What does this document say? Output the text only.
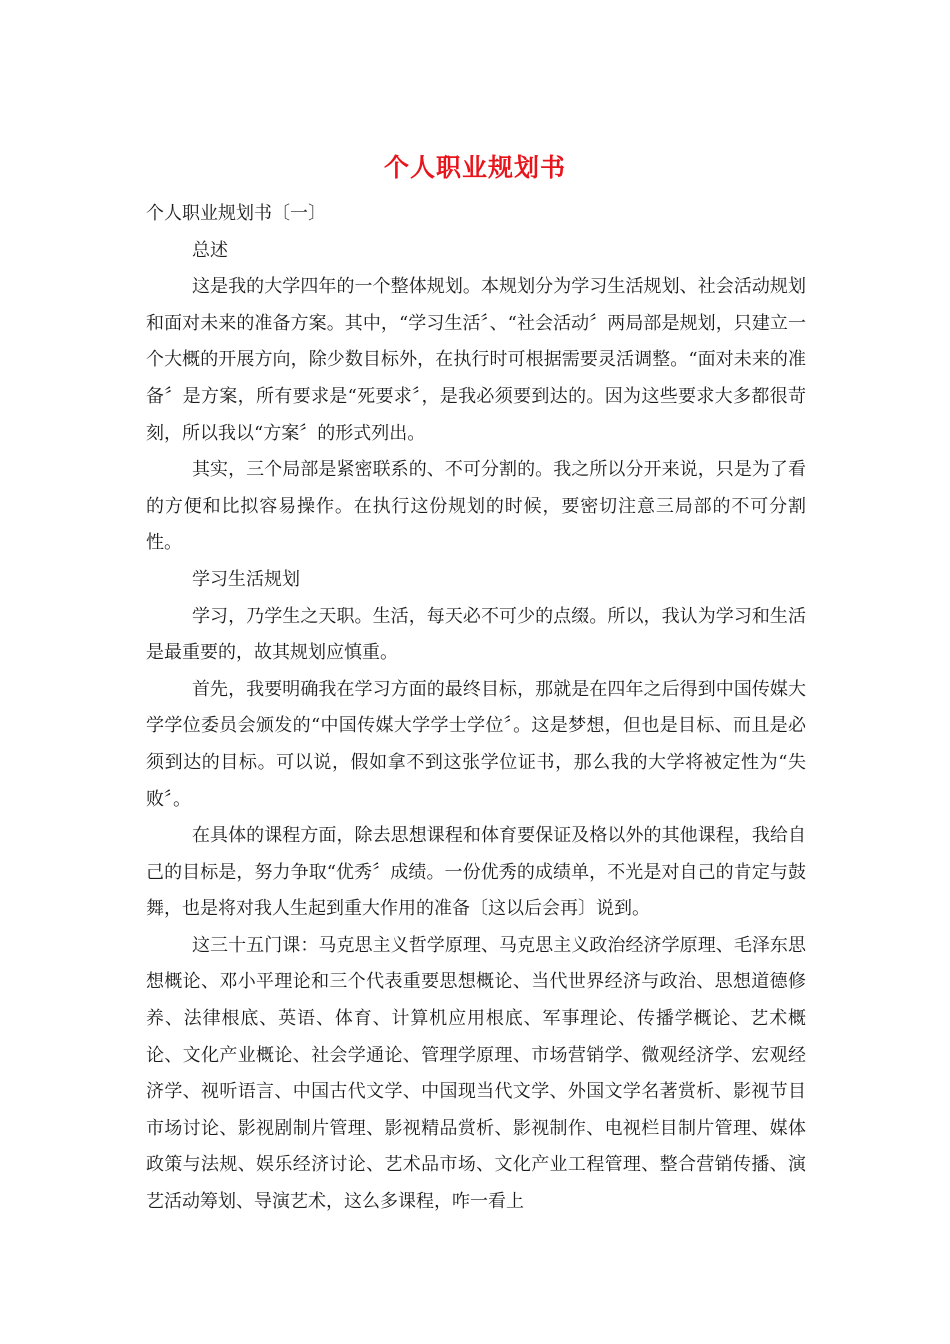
个人职业规划书

个人职业规划书〔一〕

总述

这是我的大学四年的一个整体规划。本规划分为学习生活规划、社会活动规划和面对未来的准备方案。其中，“学习生活〞、“社会活动〞两局部是规划，只建立一个大概的开展方向，除少数目标外，在执行时可根据需要灵活调整。“面对未来的准备〞是方案，所有要求是“死要求〞，是我必须要到达的。因为这些要求大多都很苛刻，所以我以“方案〞的形式列出。

其实，三个局部是紧密联系的、不可分割的。我之所以分开来说，只是为了看的方便和比拟容易操作。在执行这份规划的时候，要密切注意三局部的不可分割性。

学习生活规划

学习，乃学生之天职。生活，每天必不可少的点缀。所以，我认为学习和生活是最重要的，故其规划应慎重。

首先，我要明确我在学习方面的最终目标，那就是在四年之后得到中国传媒大学学位委员会颁发的“中国传媒大学学士学位〞。这是梦想，但也是目标、而且是必须到达的目标。可以说，假如拿不到这张学位证书，那么我的大学将被定性为“失败〞。

在具体的课程方面，除去思想课程和体育要保证及格以外的其他课程，我给自己的目标是，努力争取“优秀〞成绩。一份优秀的成绩单，不光是对自己的肯定与鼓舞，也是将对我人生起到重大作用的准备〔这以后会再〕说到。

这三十五门课：马克思主义哲学原理、马克思主义政治经济学原理、毛泽东思想概论、邓小平理论和三个代表重要思想概论、当代世界经济与政治、思想道德修养、法律根底、英语、体育、计算机应用根底、军事理论、传播学概论、艺术概论、文化产业概论、社会学通论、管理学原理、市场营销学、微观经济学、宏观经济学、视听语言、中国古代文学、中国现当代文学、外国文学名著赏析、影视节目市场讨论、影视剧制片管理、影视精品赏析、影视制作、电视栏目制片管理、媒体政策与法规、娱乐经济讨论、艺术品市场、文化产业工程管理、整合营销传播、演艺活动筹划、导演艺术，这么多课程，咋一看上
